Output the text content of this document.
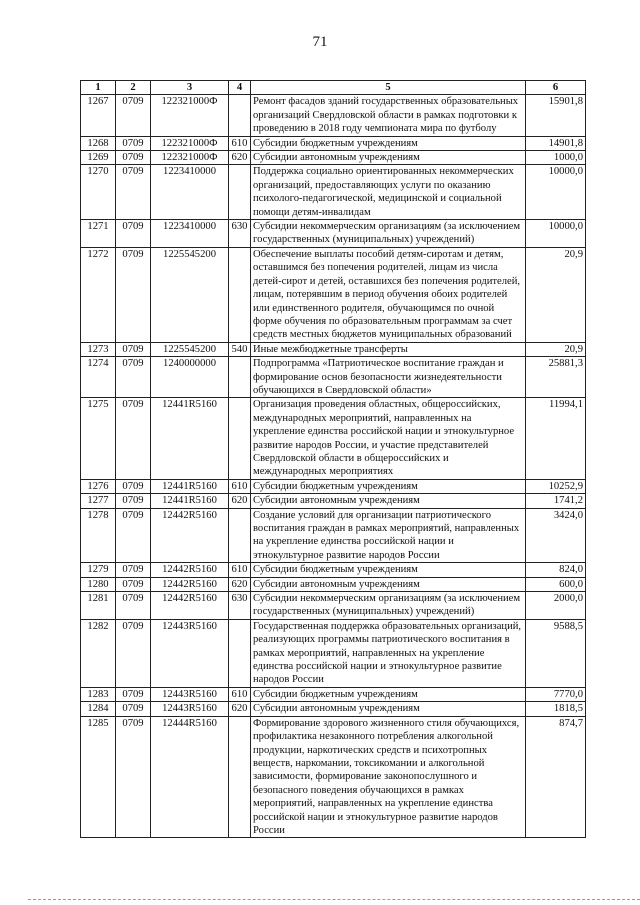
71
1	2	3	4	5	6
1267	0709	122321000Ф		Ремонт фасадов зданий государственных образовательных организаций Свердловской области в рамках подготовки к проведению в 2018 году чемпионата мира по футболу	15901,8
1268	0709	122321000Ф	610	Субсидии бюджетным учреждениям	14901,8
1269	0709	122321000Ф	620	Субсидии автономным учреждениям	1000,0
1270	0709	1223410000		Поддержка социально ориентированных некоммерческих организаций, предоставляющих услуги по оказанию психолого-педагогической, медицинской и социальной помощи детям-инвалидам	10000,0
1271	0709	1223410000	630	Субсидии некоммерческим организациям (за исключением государственных (муниципальных) учреждений)	10000,0
1272	0709	1225545200		Обеспечение выплаты пособий детям-сиротам и детям, оставшимся без попечения родителей, лицам из числа детей-сирот и детей, оставшихся без попечения родителей, лицам, потерявшим в период обучения обоих родителей или единственного родителя, обучающимся по очной форме обучения по образовательным программам за счет средств местных бюджетов муниципальных образований	20,9
1273	0709	1225545200	540	Иные межбюджетные трансферты	20,9
1274	0709	1240000000		Подпрограмма «Патриотическое воспитание граждан и формирование основ безопасности жизнедеятельности обучающихся в Свердловской области»	25881,3
1275	0709	12441R5160		Организация проведения областных, общероссийских, международных мероприятий, направленных на укрепление единства российской нации и этнокультурное развитие народов России, и участие представителей Свердловской области в общероссийских и международных мероприятиях	11994,1
1276	0709	12441R5160	610	Субсидии бюджетным учреждениям	10252,9
1277	0709	12441R5160	620	Субсидии автономным учреждениям	1741,2
1278	0709	12442R5160		Создание условий для организации патриотического воспитания граждан в рамках мероприятий, направленных на укрепление единства российской нации и этнокультурное развитие народов России	3424,0
1279	0709	12442R5160	610	Субсидии бюджетным учреждениям	824,0
1280	0709	12442R5160	620	Субсидии автономным учреждениям	600,0
1281	0709	12442R5160	630	Субсидии некоммерческим организациям (за исключением государственных (муниципальных) учреждений)	2000,0
1282	0709	12443R5160		Государственная поддержка образовательных организаций, реализующих программы патриотического воспитания в рамках мероприятий, направленных на укрепление единства российской нации и этнокультурное развитие народов России	9588,5
1283	0709	12443R5160	610	Субсидии бюджетным учреждениям	7770,0
1284	0709	12443R5160	620	Субсидии автономным учреждениям	1818,5
1285	0709	12444R5160		Формирование здорового жизненного стиля обучающихся, профилактика незаконного потребления алкогольной продукции, наркотических средств и психотропных веществ, наркомании, токсикомании и алкогольной зависимости, формирование законопослушного и безопасного поведения обучающихся в рамках мероприятий, направленных на укрепление единства российской нации и этнокультурное развитие народов России	874,7
